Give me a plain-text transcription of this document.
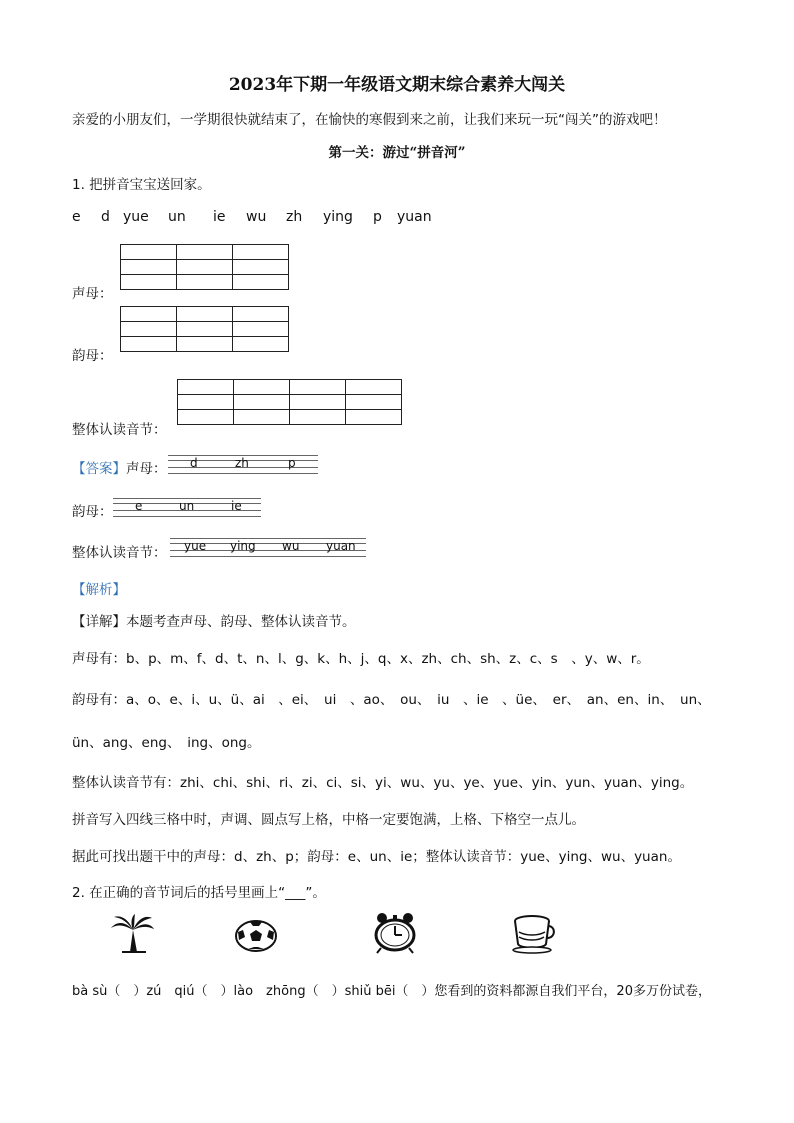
2023年下期一年级语文期末综合素养大闯关
亲爱的小朋友们，一学期很快就结束了，在愉快的寒假到来之前，让我们来玩一玩“闯关”的游戏吧！
第一关：游过“拼音河”
1. 把拼音宝宝送回家。
e d yue un ie wu zh ying p yuan

声母：

韵母：

整体认读音节：
【答案】声母： d	zh	p
韵母： e	un	ie
整体认读音节： yue ying wu yuan
【解析】
【详解】本题考查声母、韵母、整体认读音节。
声母有：b、p、m、f、d、t、n、l、g、k、h、j、q、x、zh、ch、sh、z、c、s　、y、w、r。
韵母有：a、o、e、i、u、ü、ai　、ei、　ui　、ao、　ou、　iu　、ie　、üe、　er、　an、en、in、　un、
ün、ang、eng、　ing、ong。
整体认读音节有：zhi、chi、shi、ri、zi、ci、si、yi、wu、yu、ye、yue、yin、yun、yuan、ying。
拼音写入四线三格中时，声调、圆点写上格，中格一定要饱满，上格、下格空一点儿。
据此可找出题干中的声母：d、zh、p；韵母：e、un、ie；整体认读音节：yue、ying、wu、yuan。
2. 在正确的音节词后的括号里画上“___”。
bà sù（　）zú　qiú（　）lào　zhōng（　）shiǔ bēi（　）您看到的资料都源自我们平台，20多万份试卷，
